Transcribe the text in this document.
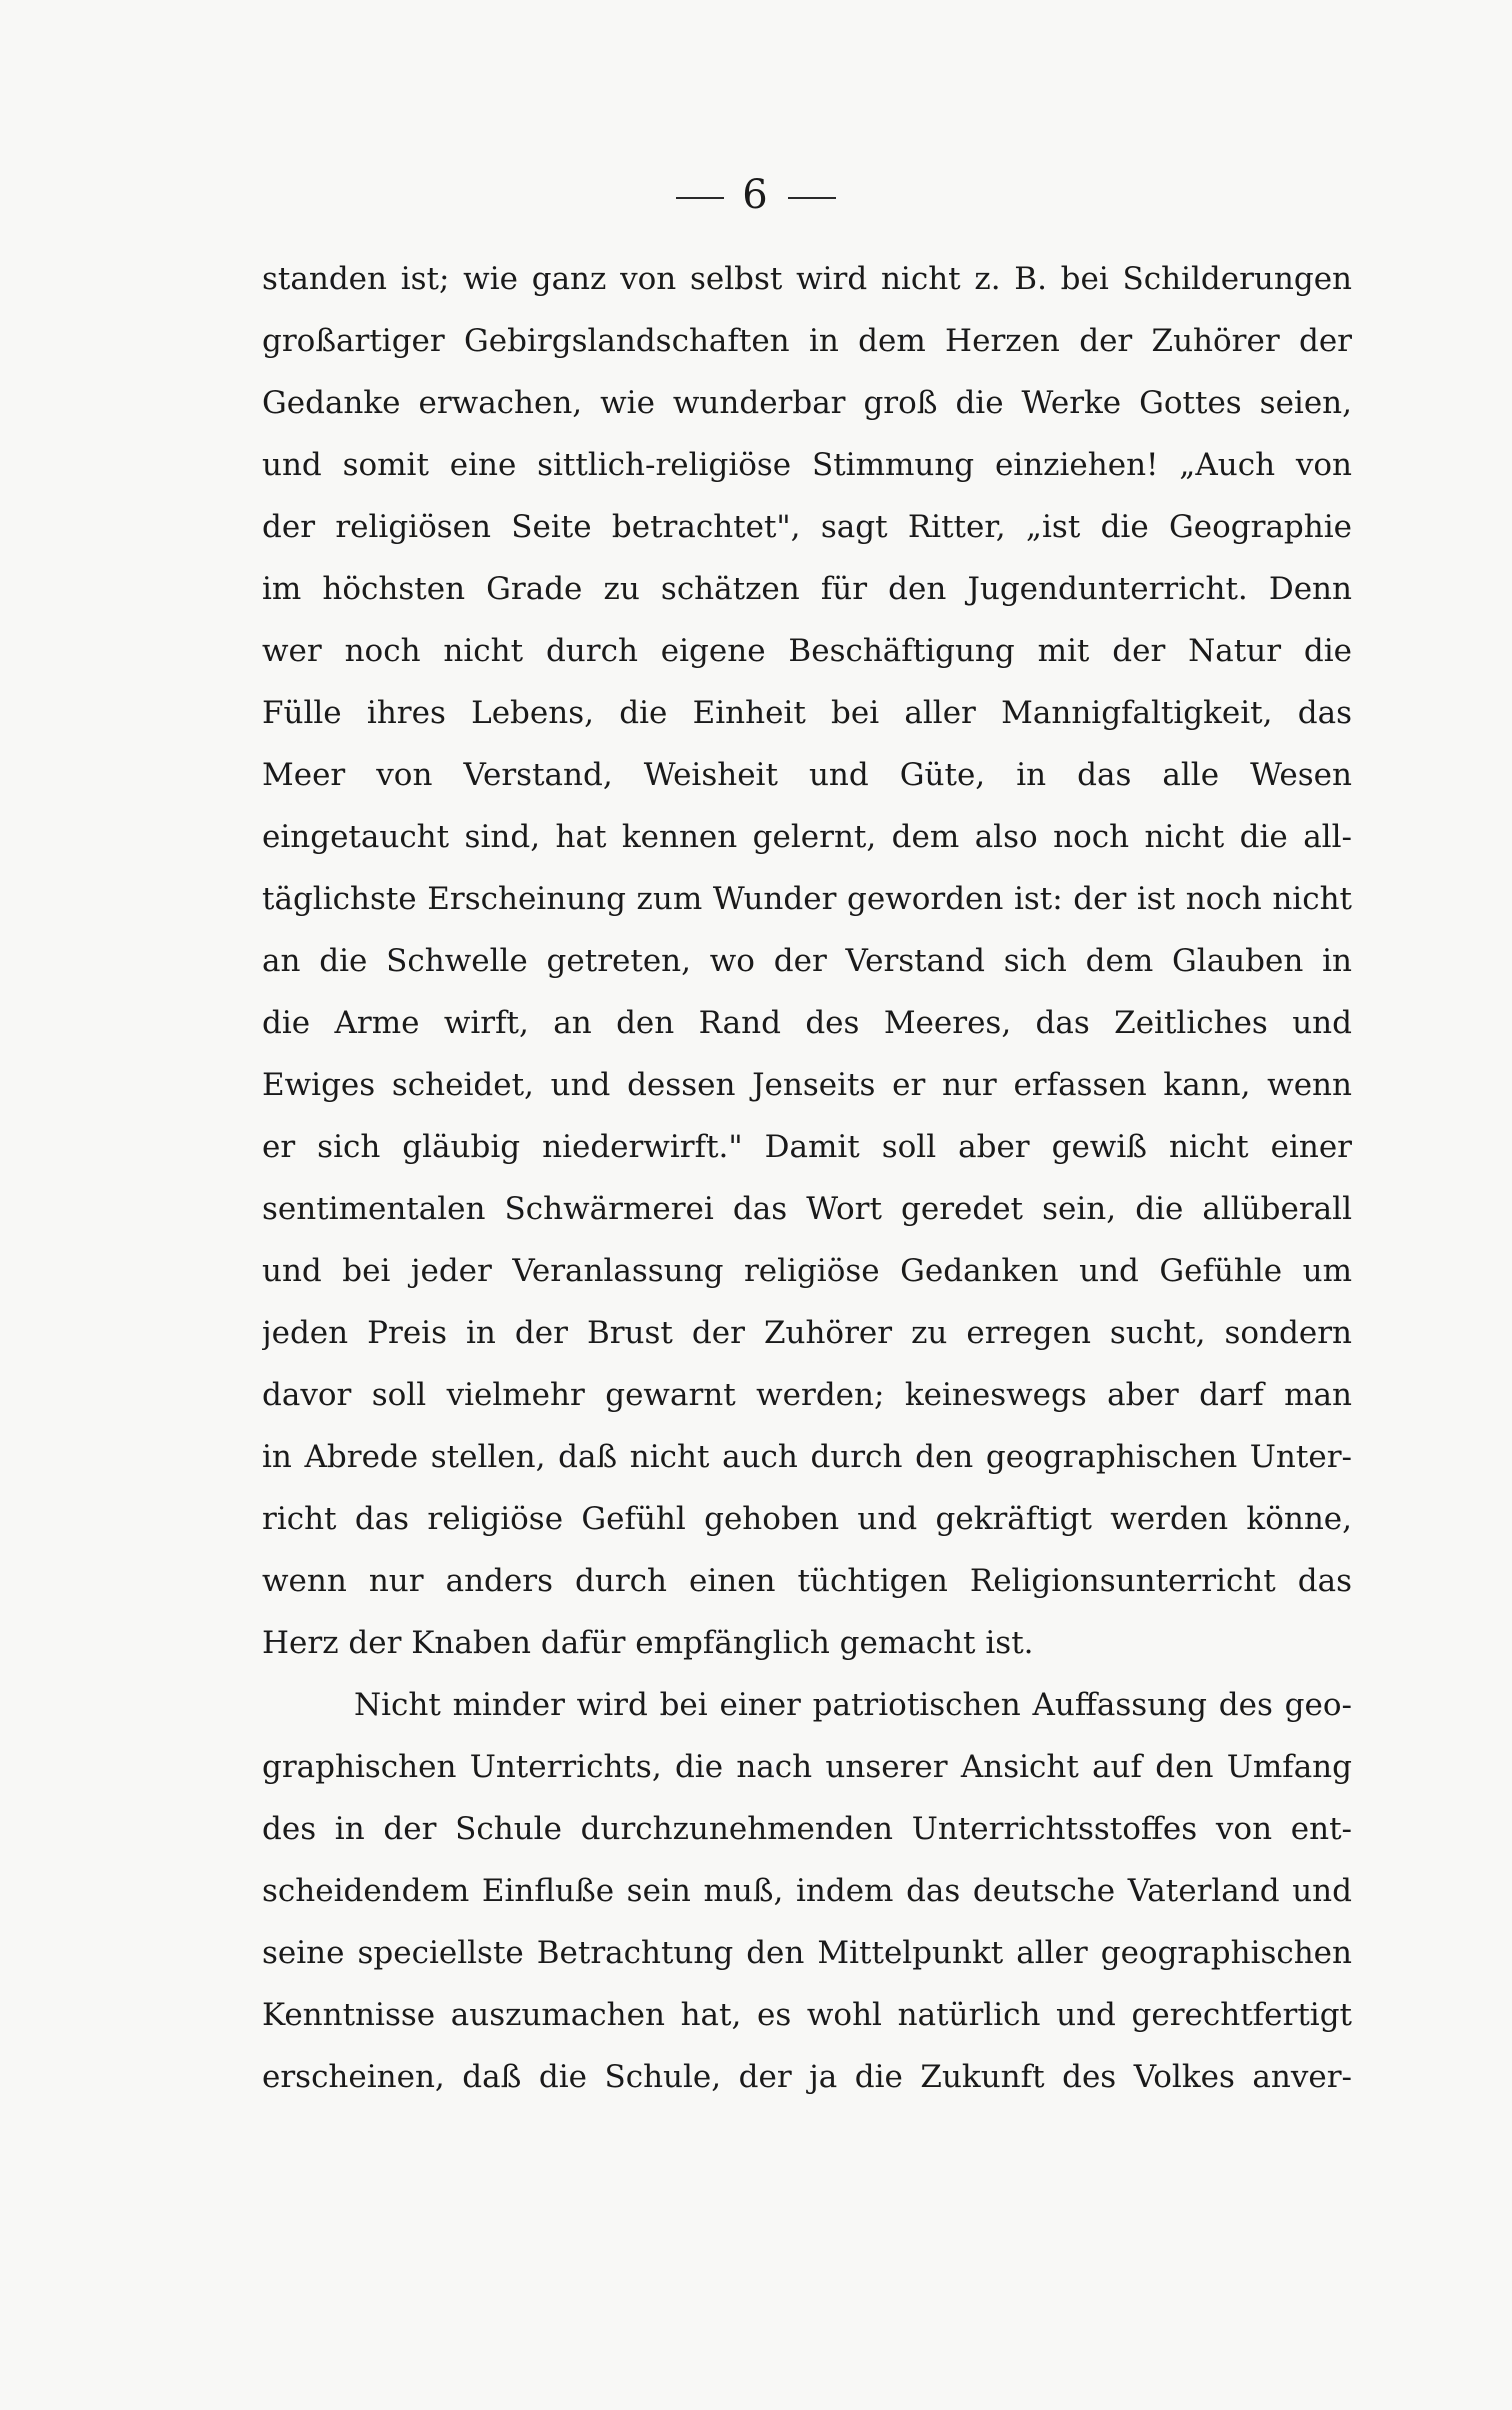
6
standen ist; wie ganz von selbst wird nicht z. B. bei Schilderungen
großartiger Gebirgslandschaften in dem Herzen der Zuhörer der
Gedanke erwachen, wie wunderbar groß die Werke Gottes seien,
und somit eine sittlich-religiöse Stimmung einziehen! „Auch von
der religiösen Seite betrachtet", sagt Ritter, „ist die Geographie
im höchsten Grade zu schätzen für den Jugendunterricht. Denn
wer noch nicht durch eigene Beschäftigung mit der Natur die
Fülle ihres Lebens, die Einheit bei aller Mannigfaltigkeit, das
Meer von Verstand, Weisheit und Güte, in das alle Wesen
eingetaucht sind, hat kennen gelernt, dem also noch nicht die all-
täglichste Erscheinung zum Wunder geworden ist: der ist noch nicht
an die Schwelle getreten, wo der Verstand sich dem Glauben in
die Arme wirft, an den Rand des Meeres, das Zeitliches und
Ewiges scheidet, und dessen Jenseits er nur erfassen kann, wenn
er sich gläubig niederwirft." Damit soll aber gewiß nicht einer
sentimentalen Schwärmerei das Wort geredet sein, die allüberall
und bei jeder Veranlassung religiöse Gedanken und Gefühle um
jeden Preis in der Brust der Zuhörer zu erregen sucht, sondern
davor soll vielmehr gewarnt werden; keineswegs aber darf man
in Abrede stellen, daß nicht auch durch den geographischen Unter-
richt das religiöse Gefühl gehoben und gekräftigt werden könne,
wenn nur anders durch einen tüchtigen Religionsunterricht das
Herz der Knaben dafür empfänglich gemacht ist.
Nicht minder wird bei einer patriotischen Auffassung des geo-
graphischen Unterrichts, die nach unserer Ansicht auf den Umfang
des in der Schule durchzunehmenden Unterrichtsstoffes von ent-
scheidendem Einfluße sein muß, indem das deutsche Vaterland und
seine speciellste Betrachtung den Mittelpunkt aller geographischen
Kenntnisse auszumachen hat, es wohl natürlich und gerechtfertigt
erscheinen, daß die Schule, der ja die Zukunft des Volkes anver-
